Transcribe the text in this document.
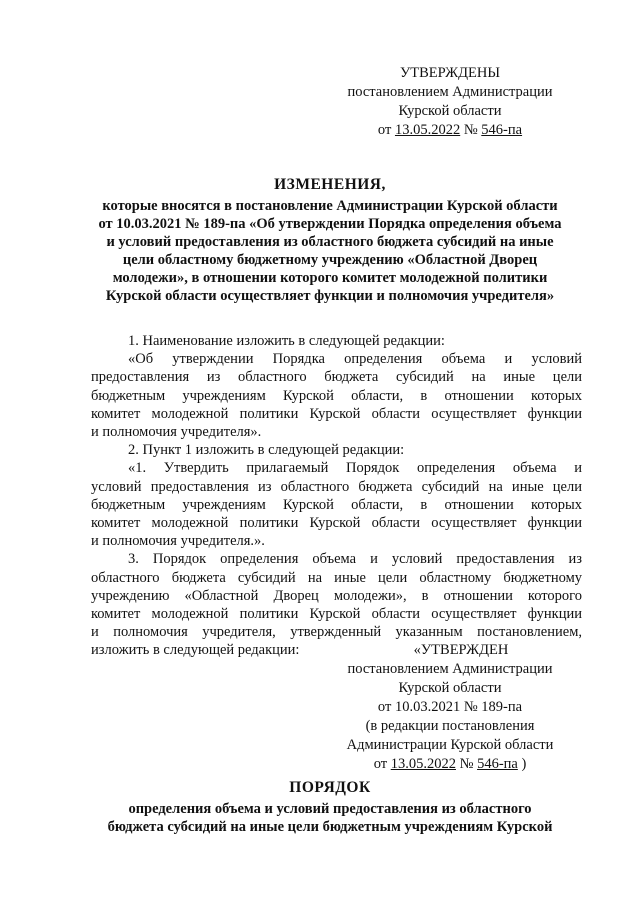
УТВЕРЖДЕНЫ
постановлением Администрации
Курской области
от 13.05.2022 № 546-па
ИЗМЕНЕНИЯ,
которые вносятся в постановление Администрации Курской области
от 10.03.2021 № 189-па «Об утверждении Порядка определения объема
и условий предоставления из областного бюджета субсидий на иные
цели областному бюджетному учреждению «Областной Дворец
молодежи», в отношении которого комитет молодежной политики
Курской области осуществляет функции и полномочия учредителя»
1. Наименование изложить в следующей редакции:
«Об утверждении Порядка определения объема и условий
предоставления из областного бюджета субсидий на иные цели
бюджетным учреждениям Курской области, в отношении которых
комитет молодежной политики Курской области осуществляет функции
и полномочия учредителя».
2. Пункт 1 изложить в следующей редакции:
«1. Утвердить прилагаемый Порядок определения объема и
условий предоставления из областного бюджета субсидий на иные цели
бюджетным учреждениям Курской области, в отношении которых
комитет молодежной политики Курской области осуществляет функции
и полномочия учредителя.».
3. Порядок определения объема и условий предоставления из
областного бюджета субсидий на иные цели областному бюджетному
учреждению «Областной Дворец молодежи», в отношении которого
комитет молодежной политики Курской области осуществляет функции
и полномочия учредителя, утвержденный указанным постановлением,
изложить в следующей редакции:	«УТВЕРЖДЕН
постановлением Администрации
Курской области
от 10.03.2021 № 189-па
(в редакции постановления
Администрации Курской области
от 13.05.2022 № 546-па )
ПОРЯДОК
определения объема и условий предоставления из областного
бюджета субсидий на иные цели бюджетным учреждениям Курской
